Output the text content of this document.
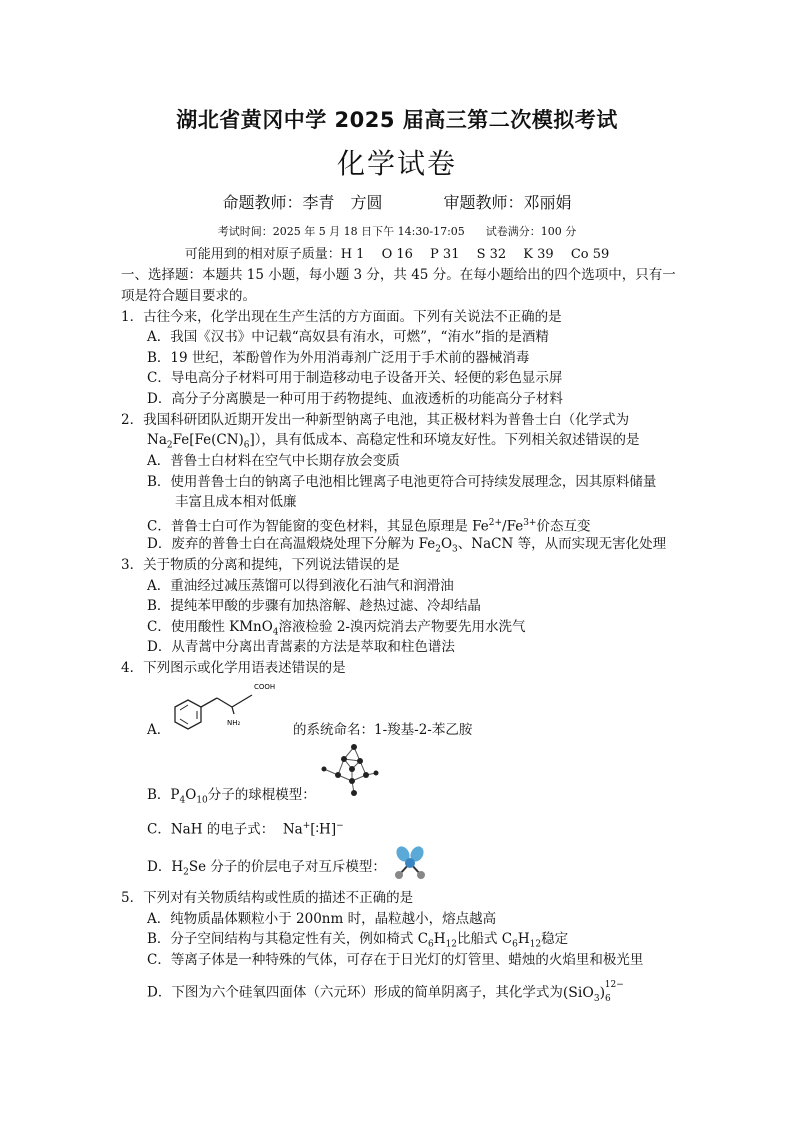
湖北省黄冈中学 2025 届高三第二次模拟考试
化学试卷
命题教师：李青　方圆	审题教师：邓丽娟
考试时间：2025 年 5 月 18 日下午 14:30-17:05 试卷满分：100 分
可能用到的相对原子质量：H 1　 O 16　 P 31　 S 32　 K 39　 Co 59
一、选择题：本题共 15 小题，每小题 3 分，共 45 分。在每小题给出的四个选项中，只有一
项是符合题目要求的。
1．古往今来，化学出现在生产生活的方方面面。下列有关说法不正确的是
A．我国《汉书》中记载“高奴县有洧水，可燃”，“洧水”指的是酒精
B．19 世纪，苯酚曾作为外用消毒剂广泛用于手术前的器械消毒
C．导电高分子材料可用于制造移动电子设备开关、轻便的彩色显示屏
D．高分子分离膜是一种可用于药物提纯、血液透析的功能高分子材料
2．我国科研团队近期开发出一种新型钠离子电池，其正极材料为普鲁士白（化学式为
$Na_2Fe[Fe(CN)_6]$），具有低成本、高稳定性和环境友好性。下列相关叙述错误的是
A．普鲁士白材料在空气中长期存放会变质
B．使用普鲁士白的钠离子电池相比锂离子电池更符合可持续发展理念，因其原料储量
丰富且成本相对低廉
C．普鲁士白可作为智能窗的变色材料，其显色原理是 $Fe^{2+}/Fe^{3+}$价态互变
D．废弃的普鲁士白在高温煅烧处理下分解为 $Fe_2O_3$、NaCN 等，从而实现无害化处理
3．关于物质的分离和提纯，下列说法错误的是
A．重油经过减压蒸馏可以得到液化石油气和润滑油
B．提纯苯甲酸的步骤有加热溶解、趁热过滤、冷却结晶
C．使用酸性 KMnO$_4$溶液检验 2-溴丙烷消去产物要先用水洗气
D．从青蒿中分离出青蒿素的方法是萃取和柱色谱法
4．下列图示或化学用语表述错误的是
COOH
NH₂
A．	的系统命名：1-羧基-2-苯乙胺
B．$P_4O_{10}$分子的球棍模型：
C．NaH 的电子式： Na+[∶H]−
D．$H_2Se$ 分子的价层电子对互斥模型：
5．下列对有关物质结构或性质的描述不正确的是
A．纯物质晶体颗粒小于 200nm 时，晶粒越小，熔点越高
B．分子空间结构与其稳定性有关，例如椅式 $C_6H_{12}$比船式 $C_6H_{12}$稳定
C．等离子体是一种特殊的气体，可存在于日光灯的灯管里、蜡烛的火焰里和极光里
D．下图为六个硅氧四面体（六元环）形成的简单阴离子，其化学式为$(SiO_3)_6^{12-}$
